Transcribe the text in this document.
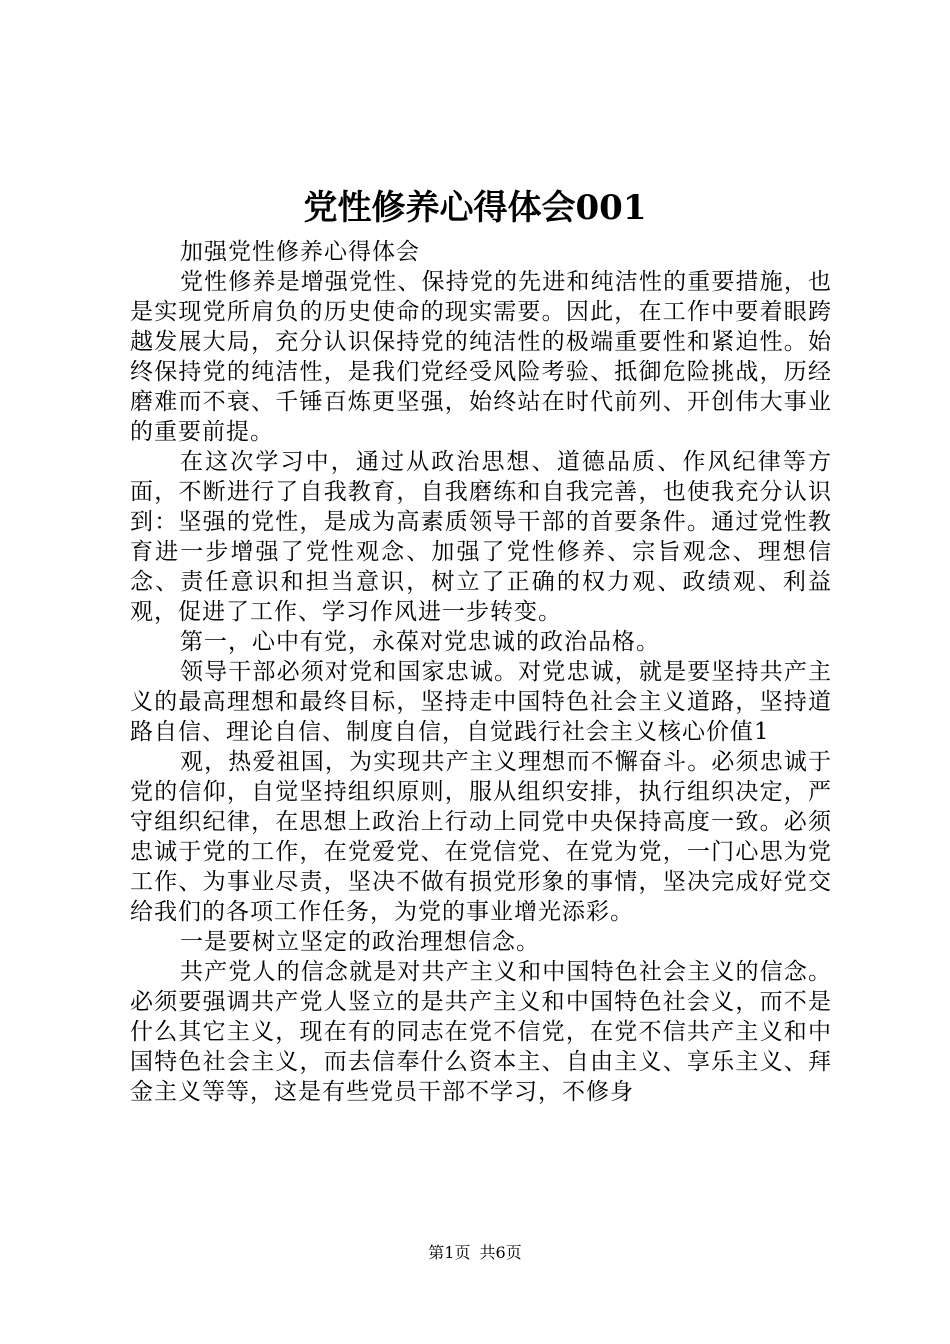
党性修养心得体会001

加强党性修养心得体会

党性修养是增强党性、保持党的先进和纯洁性的重要措施，也是实现党所肩负的历史使命的现实需要。因此，在工作中要着眼跨越发展大局，充分认识保持党的纯洁性的极端重要性和紧迫性。始终保持党的纯洁性，是我们党经受风险考验、抵御危险挑战，历经磨难而不衰、千锤百炼更坚强，始终站在时代前列、开创伟大事业的重要前提。

在这次学习中，通过从政治思想、道德品质、作风纪律等方面，不断进行了自我教育，自我磨练和自我完善，也使我充分认识到：坚强的党性，是成为高素质领导干部的首要条件。通过党性教育进一步增强了党性观念、加强了党性修养、宗旨观念、理想信念、责任意识和担当意识，树立了正确的权力观、政绩观、利益观，促进了工作、学习作风进一步转变。

第一，心中有党，永葆对党忠诚的政治品格。

领导干部必须对党和国家忠诚。对党忠诚，就是要坚持共产主义的最高理想和最终目标，坚持走中国特色社会主义道路，坚持道路自信、理论自信、制度自信，自觉践行社会主义核心价值1

观，热爱祖国，为实现共产主义理想而不懈奋斗。必须忠诚于党的信仰，自觉坚持组织原则，服从组织安排，执行组织决定，严守组织纪律，在思想上政治上行动上同党中央保持高度一致。必须忠诚于党的工作，在党爱党、在党信党、在党为党，一门心思为党工作、为事业尽责，坚决不做有损党形象的事情，坚决完成好党交给我们的各项工作任务，为党的事业增光添彩。

一是要树立坚定的政治理想信念。

共产党人的信念就是对共产主义和中国特色社会主义的信念。必须要强调共产党人竖立的是共产主义和中国特色社会义，而不是什么其它主义，现在有的同志在党不信党，在党不信共产主义和中国特色社会主义，而去信奉什么资本主、自由主义、享乐主义、拜金主义等等，这是有些党员干部不学习，不修身

第1页 共6页
